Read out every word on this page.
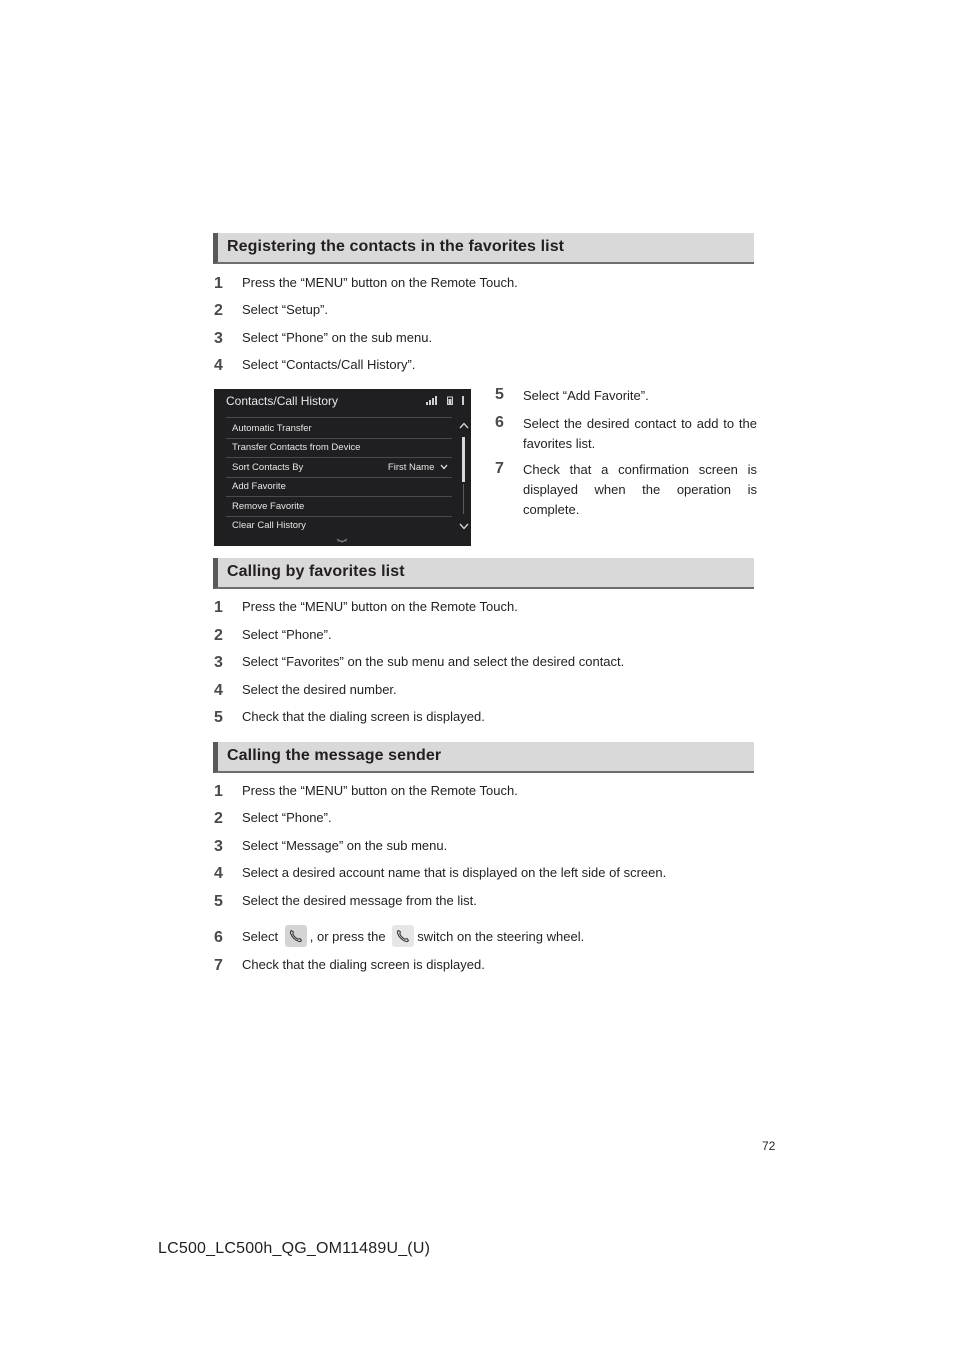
Registering the contacts in the favorites list
1 Press the “MENU” button on the Remote Touch.
2 Select “Setup”.
3 Select “Phone” on the sub menu.
4 Select “Contacts/Call History”.
Contacts/Call History

Automatic Transfer
Transfer Contacts from Device
Sort Contacts By	First Name
Add Favorite
Remove Favorite
Clear Call History
5 Select “Add Favorite”.
6 Select the desired contact to add to the favorites list.
7 Check that a confirmation screen is displayed when the operation is complete.
Calling by favorites list
1 Press the “MENU” button on the Remote Touch.
2 Select “Phone”.
3 Select “Favorites” on the sub menu and select the desired contact.
4 Select the desired number.
5 Check that the dialing screen is displayed.
Calling the message sender
1 Press the “MENU” button on the Remote Touch.
2 Select “Phone”.
3 Select “Message” on the sub menu.
4 Select a desired account name that is displayed on the left side of screen.
5 Select the desired message from the list.
6 Select , or press the switch on the steering wheel.
7 Check that the dialing screen is displayed.
72
LC500_LC500h_QG_OM11489U_(U)
